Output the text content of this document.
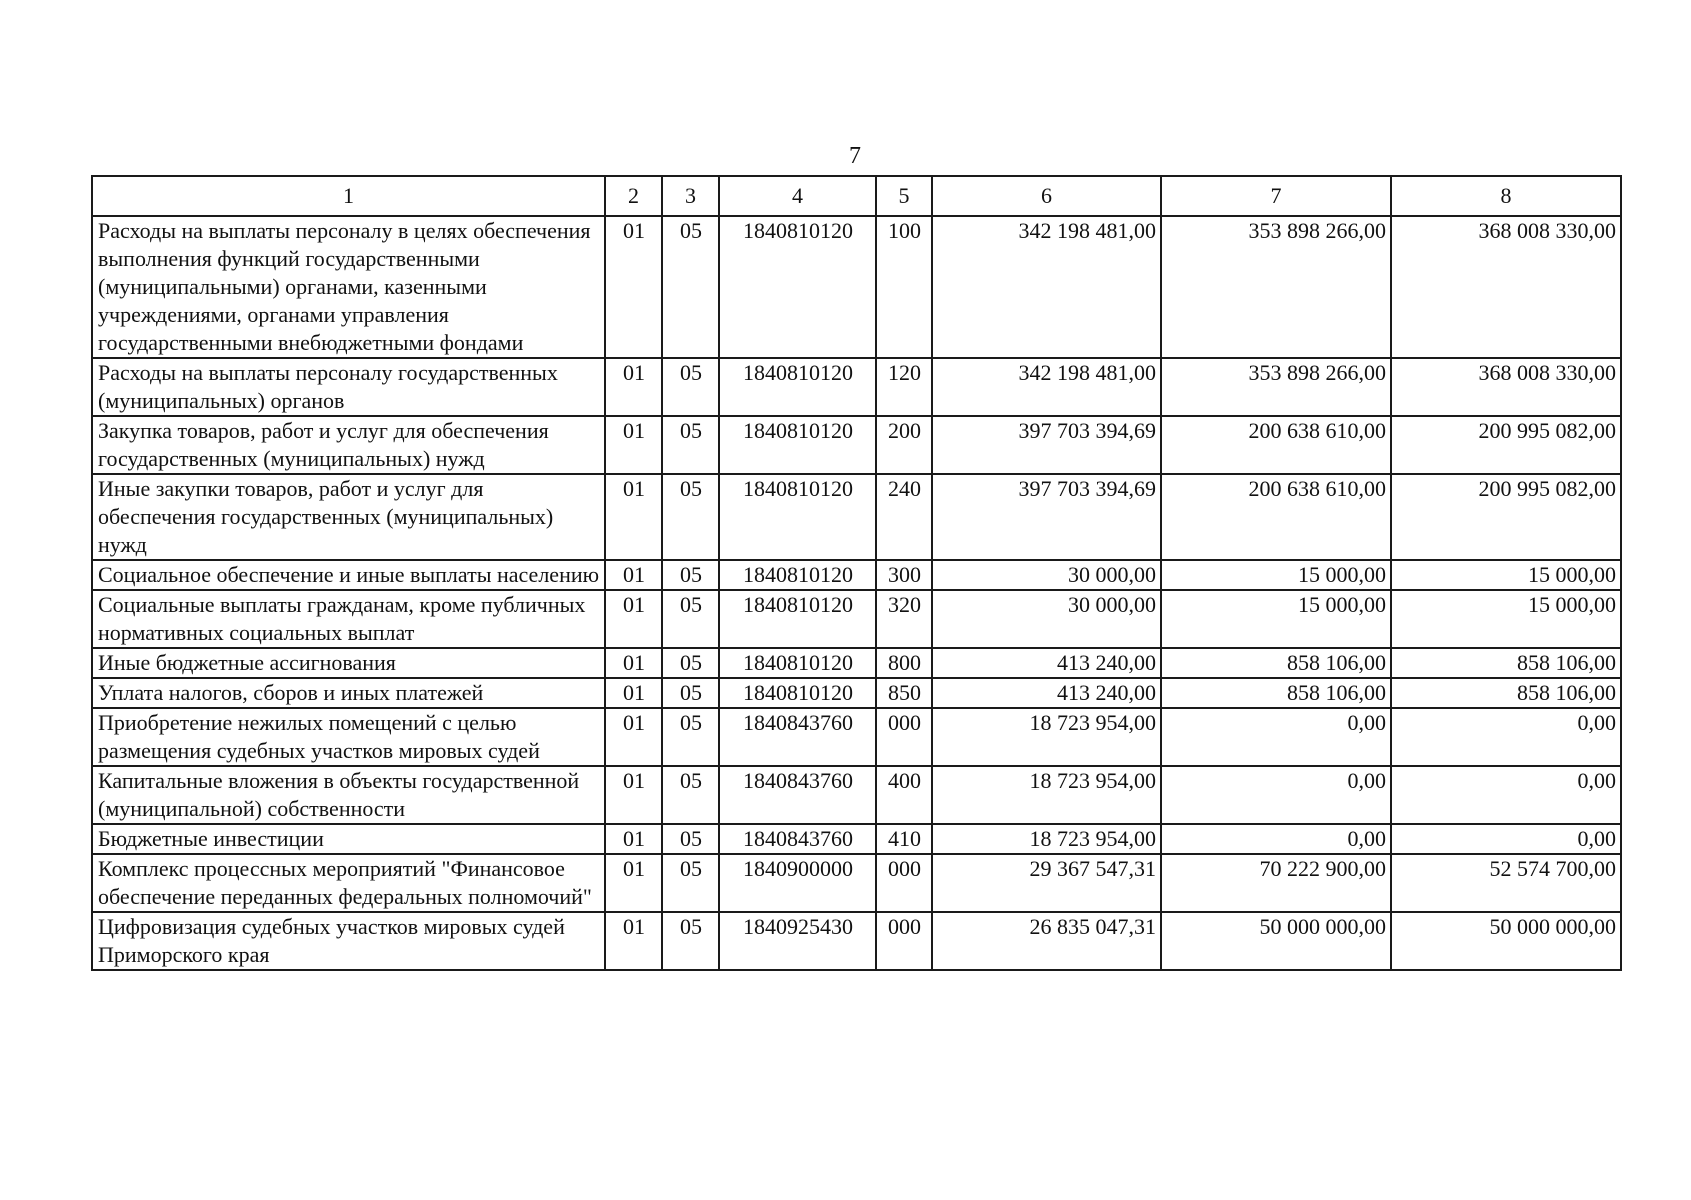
7
1	2	3	4	5	6	7	8
Расходы на выплаты персоналу в целях обеспечения выполнения функций государственными (муниципальными) органами, казенными учреждениями, органами управления государственными внебюджетными фондами	01	05	1840810120	100	342 198 481,00	353 898 266,00	368 008 330,00
Расходы на выплаты персоналу государственных (муниципальных) органов	01	05	1840810120	120	342 198 481,00	353 898 266,00	368 008 330,00
Закупка товаров, работ и услуг для обеспечения государственных (муниципальных) нужд	01	05	1840810120	200	397 703 394,69	200 638 610,00	200 995 082,00
Иные закупки товаров, работ и услуг для обеспечения государственных (муниципальных) нужд	01	05	1840810120	240	397 703 394,69	200 638 610,00	200 995 082,00
Социальное обеспечение и иные выплаты населению	01	05	1840810120	300	30 000,00	15 000,00	15 000,00
Социальные выплаты гражданам, кроме публичных нормативных социальных выплат	01	05	1840810120	320	30 000,00	15 000,00	15 000,00
Иные бюджетные ассигнования	01	05	1840810120	800	413 240,00	858 106,00	858 106,00
Уплата налогов, сборов и иных платежей	01	05	1840810120	850	413 240,00	858 106,00	858 106,00
Приобретение нежилых помещений с целью размещения судебных участков мировых судей	01	05	1840843760	000	18 723 954,00	0,00	0,00
Капитальные вложения в объекты государственной (муниципальной) собственности	01	05	1840843760	400	18 723 954,00	0,00	0,00
Бюджетные инвестиции	01	05	1840843760	410	18 723 954,00	0,00	0,00
Комплекс процессных мероприятий "Финансовое обеспечение переданных федеральных полномочий"	01	05	1840900000	000	29 367 547,31	70 222 900,00	52 574 700,00
Цифровизация судебных участков мировых судей Приморского края	01	05	1840925430	000	26 835 047,31	50 000 000,00	50 000 000,00
